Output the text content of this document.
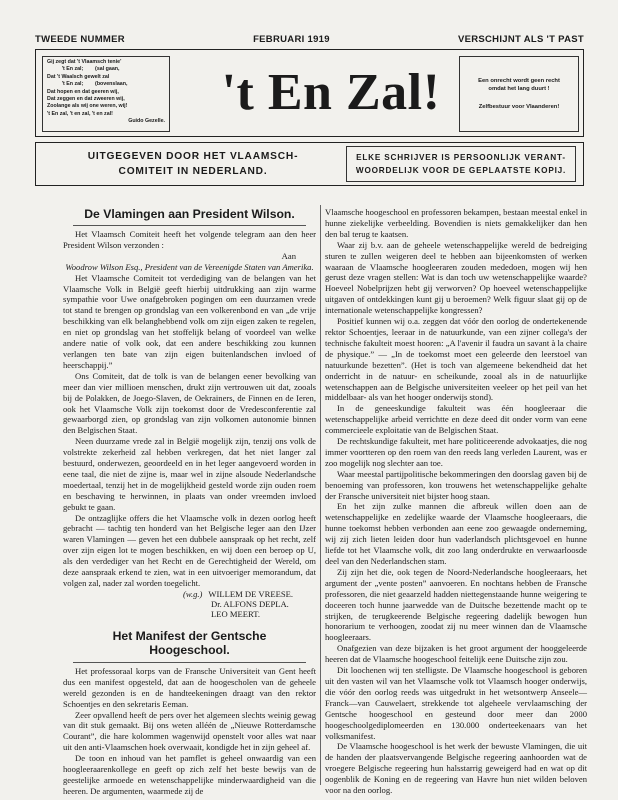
TWEEDE NUMMER	FEBRUARI 1919	VERSCHIJNT ALS 'T PAST
Gij zegt dat 't Vlaamsch tenie'
't En zal;        (sal gaan,
Dat 't Waalsch gewelt zal
't En zal;        (bovenslaan,
Dat hopen en dat geeren wij,
Dat zeggen en dat zweeren wij,
Zoolange als wij one weren, wij!
't En zal, 't en zal, 't en zal!

Guido Gezelle.
't En Zal!	Een onrecht wordt geen recht
omdat het lang duurt !
Zelfbestuur voor Vlaanderen!
UITGEGEVEN DOOR HET VLAAMSCH-
COMITEIT IN NEDERLAND.
ELKE SCHRIJVER IS PERSOONLIJK VERANT-
WOORDELIJK VOOR DE GEPLAATSTE KOPIJ.
De Vlamingen aan President Wilson.

Het Vlaamsch Comiteit heeft het volgende telegram aan den heer President Wilson verzonden :

Aan

Woodrow Wilson Esq., President van de Vereenigde Staten van Amerika.

Het Vlaamsche Comiteit tot verdediging van de belangen van het Vlaamsche Volk in België geeft hierbij uitdrukking aan zijn warme sympathie voor Uwe onafgebroken pogingen om een duurzamen vrede tot stand te brengen op grondslag van een volkerenbond en van „de vrije beschikking van elk belanghebbend volk om zijn eigen zaken te regelen, en niet op grondslag van het stoffelijk belang of voordeel van welke andere natie of volk ook, dat een andere beschikking zou kunnen verlangen ten bate van zijn eigen buitenlandschen invloed of heerschappij.”

Ons Comiteit, dat de tolk is van de belangen eener bevolking van meer dan vier millioen menschen, drukt zijn vertrouwen uit dat, zooals bij de Polakken, de Joego-Slaven, de Oekrainers, de Finnen en de Ieren, ook het Vlaamsche Volk zijn toekomst door de Vredesconferentie zal gewaarborgd zien, op grondslag van zijn volkomen autonomie binnen den Belgischen Staat.

Neen duurzame vrede zal in België mogelijk zijn, tenzij ons volk de volstrekte zekerheid zal hebben verkregen, dat het niet langer zal bestuurd, onderwezen, geoordeeld en in het leger aangevoerd worden in eene taal, die niet de zijne is, maar wel in zijne alsoude Nederlandsche moedertaal, tenzij het in de mogelijkheid gesteld worde zijn ouden roem en beschaving te herwinnen, in plaats van onder vreemden invloed gebukt te gaan.

De ontzaglijke offers die het Vlaamsche volk in dezen oorlog heeft gebracht — tachtig ten honderd van het Belgische leger aan den IJzer waren Vlamingen — geven het een dubbele aanspraak op het recht, zelf over zijn eigen lot te mogen beschikken, en wij doen een beroep op U, als den verdediger van het Recht en de Gerechtigheid der Wereld, om deze aanspraak erkend te zien, wat in een uitvoeriger memorandum, dat volgen zal, nader zal worden toegelicht.

(w.g.) WILLEM DE VREESE.
Dr. ALFONS DEPLA.
LEO MEERT.
Het Manifest der Gentsche
Hoogeschool.

Het professoraal korps van de Fransche Universiteit van Gent heeft dus een manifest opgesteld, dat aan de hoogescholen van de geheele wereld gezonden is en de handteekeningen draagt van den rektor Schoentjes en den sekretaris Eeman.

Zeer opvallend heeft de pers over het algemeen slechts weinig gewag van dit stuk gemaakt. Bij ons weten alléén de „Nieuwe Rotterdamsche Courant”, die hare kolommen wagenwijd openstelt voor alles wat naar uit den anti-Vlaamschen hoek overwaait, kondigde het in zijn geheel af.

De toon en inhoud van het pamflet is geheel onwaardig van een hoogleeraarenkollege en geeft op zich zelf het beste bewijs van de geestelijke armoede en wetenschappelijke minderwaardigheid van die heeren. De argumenten, waarmede zij de

Vlaamsche hoogeschool en professoren bekampen, bestaan meestal enkel in hunne ziekelijke verbeelding. Bovendien is niets gemakkelijker dan hen den bal terug te kaatsen.

Waar zij b.v. aan de geheele wetenschappelijke wereld de bedreiging sturen te zullen weigeren deel te hebben aan bijeenkomsten of werken waaraan de Vlaamsche hoogleeraren zouden mededoen, mogen wij hen gerust deze vragen stellen: Wat is dan toch uw wetenschappelijke waarde? Hoeveel Nobelprijzen hebt gij verworven? Op hoeveel wetenschappelijke uitgaven of ontdekkingen kunt gij u beroemen? Welk figuur slaat gij op de internationale wetenschappelijke kongressen?

Positief kunnen wij o.a. zeggen dat vóór den oorlog de ondertekenende rektor Schoentjes, leeraar in de natuurkunde, van een zijner collega's der technische fakulteit moest hooren: „A l'avenir il faudra un savant à la chaire de physique.” — „In de toekomst moet een geleerde den leerstoel van natuurkunde bezetten”. (Het is toch van algemeene bekendheid dat het onderricht in de natuur- en scheikunde, zooal als in de natuurlijke wetenschappen aan de Belgische universiteiten veeleer op het peil van het middelbaar- als van het hooger onderwijs stond).

In de geneeskundige fakulteit was één hoogleeraar die wetenschappelijke arbeid verrichtte en deze deed dit onder vorm van eene commercieele exploitatie van de Belgischen Staat.

De rechtskundige fakulteit, met hare politiceerende advokaatjes, die nog immer voortteren op den roem van den reeds lang verleden Laurent, was er zoo mogelijk nog slechter aan toe.

Waar meestal partijpolitische bekommeringen den doorslag gaven bij de benoeming van professoren, kon trouwens het wetenschappelijke gehalte der Fransche universiteit niet bijster hoog staan.

En het zijn zulke mannen die afbreuk willen doen aan de wetenschappelijke en zedelijke waarde der Vlaamsche hoogleeraars, die hunne toekomst hebben verbonden aan eene zoo gewaagde onderneming, wij zij zich lieten leiden door hun vaderlandsch plichtsgevoel en hunne liefde tot het Vlaamsche volk, dit zoo lang onderdrukte en verwaarloosde deel van den Nederlandschen stam.

Zij zijn het die, ook tegen de Noord-Nederlandsche hoogleeraars, het argument der „vente posten” aanvoeren. En nochtans hebben de Fransche professoren, die niet geaarzeld hadden niettegenstaande hunne weigering te doceeren toch hunne jaarwedde van de Duitsche bezettende macht op te strijken, de terugkeerende Belgische regeering dadelijk bewogen hun honorarium te verhoogen, zoodat zij nu meer winnen dan de Vlaamsche hoogleeraars.

Onafgezien van deze bijzaken is het groot argument der hooggeleerde heeren dat de Vlaamsche hoogeschool feitelijk eene Duitsche zijn zou.

Dit loochenen wij ten stelligste. De Vlaamsche hoogeschool is geboren uit den vasten wil van het Vlaamsche volk tot Vlaamsch hooger onderwijs, die vóór den oorlog reeds was uitgedrukt in het wetsontwerp Anseele—Franck—van Cauwelaert, strekkende tot algeheele vervlaamsching der Gentsche hoogeschool en gesteund door meer dan 2000 hoogeschoolgediplomeerden en 130.000 onderteekenaars van het volksmanifest.

De Vlaamsche hoogeschool is het werk der bewuste Vlamingen, die uit de handen der plaatsvervangende Belgische regeering aanhoorden wat de vroegere Belgische regeering hun halsstarrig geweigerd had en wat op dit oogenblik de Koning en de regeering van Havre hun niet wilden beloven voor na den oorlog.
